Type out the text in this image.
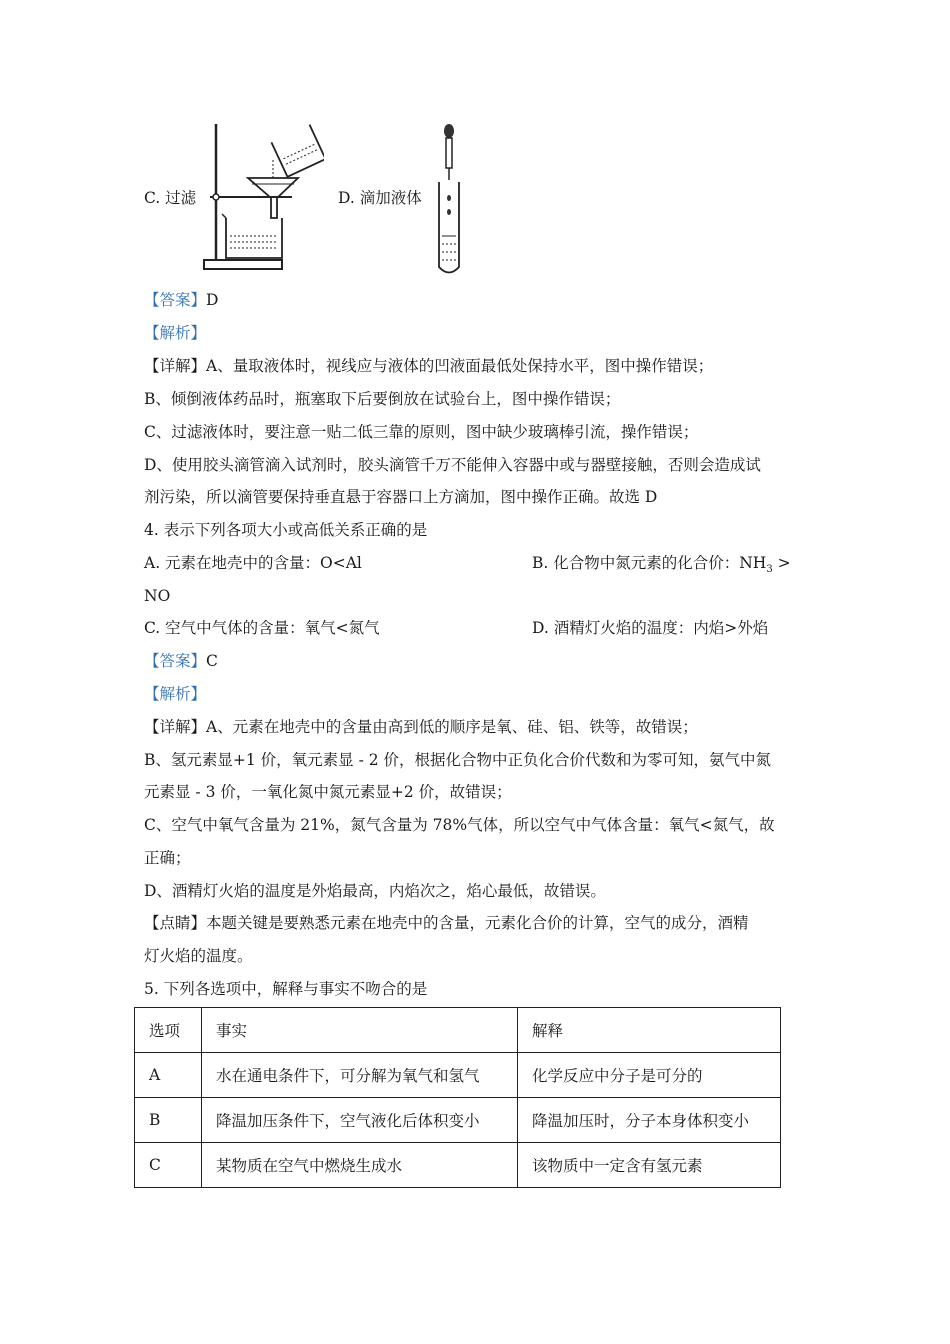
C. 过滤	D. 滴加液体
【答案】D
【解析】
【详解】A、量取液体时，视线应与液体的凹液面最低处保持水平，图中操作错误；
B、倾倒液体药品时，瓶塞取下后要倒放在试验台上，图中操作错误；
C、过滤液体时，要注意一贴二低三靠的原则，图中缺少玻璃棒引流，操作错误；
D、使用胶头滴管滴入试剂时，胶头滴管千万不能伸入容器中或与器壁接触，否则会造成试
剂污染，所以滴管要保持垂直悬于容器口上方滴加，图中操作正确。故选 D
4. 表示下列各项大小或高低关系正确的是
A. 元素在地壳中的含量：O<Al	B. 化合物中氮元素的化合价：$NH_3$ >
NO
C. 空气中气体的含量：氧气<氮气	D. 酒精灯火焰的温度：内焰>外焰
【答案】C
【解析】
【详解】A、元素在地壳中的含量由高到低的顺序是氧、硅、铝、铁等，故错误；
B、氢元素显+1 价，氧元素显 - 2 价，根据化合物中正负化合价代数和为零可知，氨气中氮
元素显 - 3 价，一氧化氮中氮元素显+2 价，故错误；
C、空气中氧气含量为 21%，氮气含量为 78%气体，所以空气中气体含量：氧气<氮气，故
正确；
D、酒精灯火焰的温度是外焰最高，内焰次之，焰心最低，故错误。
【点睛】本题关键是要熟悉元素在地壳中的含量，元素化合价的计算，空气的成分，酒精
灯火焰的温度。
5. 下列各选项中，解释与事实不吻合的是
选项	事实	解释
A	水在通电条件下，可分解为氧气和氢气	化学反应中分子是可分的
B	降温加压条件下，空气液化后体积变小	降温加压时，分子本身体积变小
C	某物质在空气中燃烧生成水	该物质中一定含有氢元素
